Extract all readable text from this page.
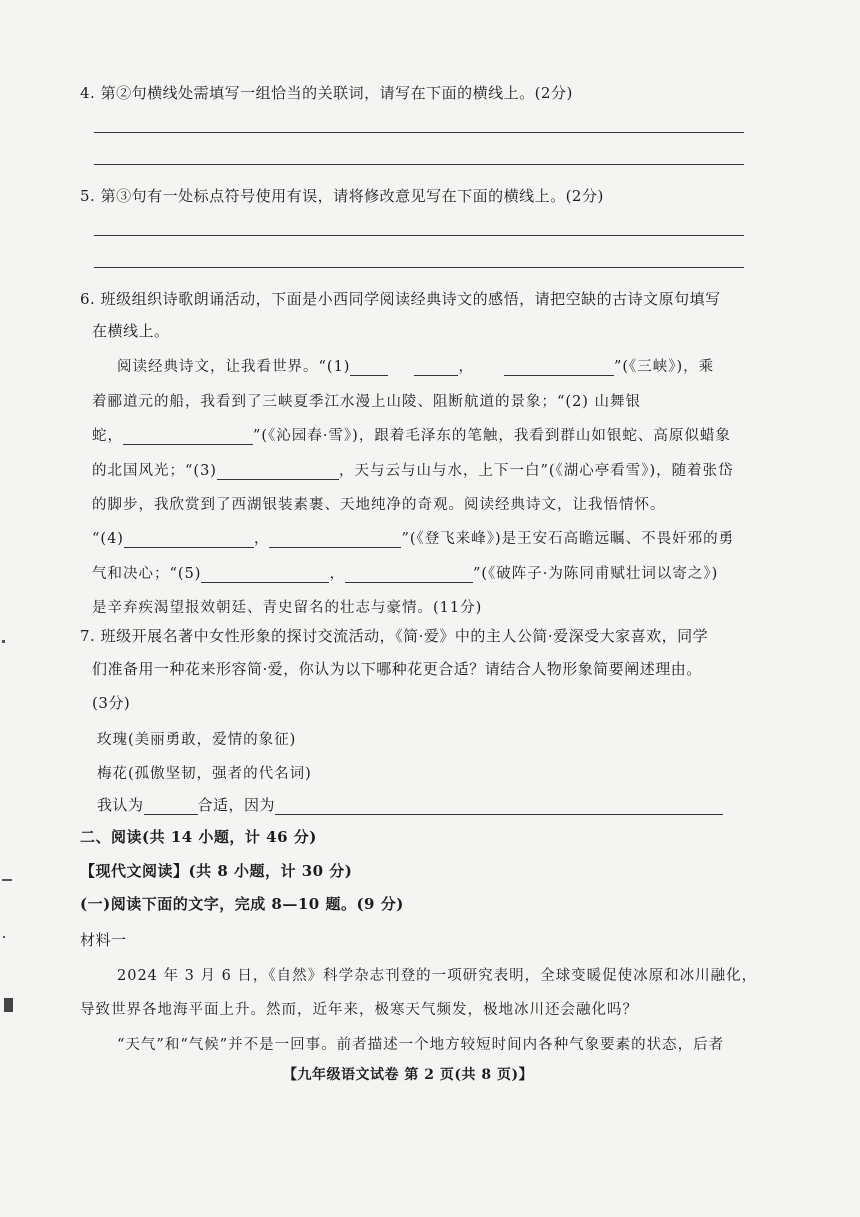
4. 第②句横线处需填写一组恰当的关联词，请写在下面的横线上。(2分)
5. 第③句有一处标点符号使用有误，请将修改意见写在下面的横线上。(2分)
6. 班级组织诗歌朗诵活动，下面是小西同学阅读经典诗文的感悟，请把空缺的古诗文原句填写
在横线上。
阅读经典诗文，让我看世界。“(1)	，	”(《三峡》)，乘
着郦道元的船，我看到了三峡夏季江水漫上山陵、阻断航道的景象；“(2) 山舞银
蛇，	”(《沁园春·雪》)，跟着毛泽东的笔触，我看到群山如银蛇、高原似蜡象
的北国风光；“(3)	，天与云与山与水，上下一白”(《湖心亭看雪》)，随着张岱
的脚步，我欣赏到了西湖银装素裹、天地纯净的奇观。阅读经典诗文，让我悟情怀。
“(4)	，	”(《登飞来峰》)是王安石高瞻远瞩、不畏奸邪的勇
气和决心；“(5)	，	”(《破阵子·为陈同甫赋壮词以寄之》)
是辛弃疾渴望报效朝廷、青史留名的壮志与豪情。(11分)
7. 班级开展名著中女性形象的探讨交流活动，《简·爱》中的主人公简·爱深受大家喜欢，同学
们准备用一种花来形容简·爱，你认为以下哪种花更合适？请结合人物形象简要阐述理由。
(3分)
玫瑰(美丽勇敢，爱情的象征)
梅花(孤傲坚韧，强者的代名词)
我认为	合适，因为
二、阅读(共 14 小题，计 46 分)
【现代文阅读】(共 8 小题，计 30 分)
(一)阅读下面的文字，完成 8—10 题。(9 分)
材料一
2024 年 3 月 6 日，《自然》科学杂志刊登的一项研究表明，全球变暖促使冰原和冰川融化，
导致世界各地海平面上升。然而，近年来，极寒天气频发，极地冰川还会融化吗？
“天气”和“气候”并不是一回事。前者描述一个地方较短时间内各种气象要素的状态，后者
【九年级语文试卷 第 2 页(共 8 页)】
